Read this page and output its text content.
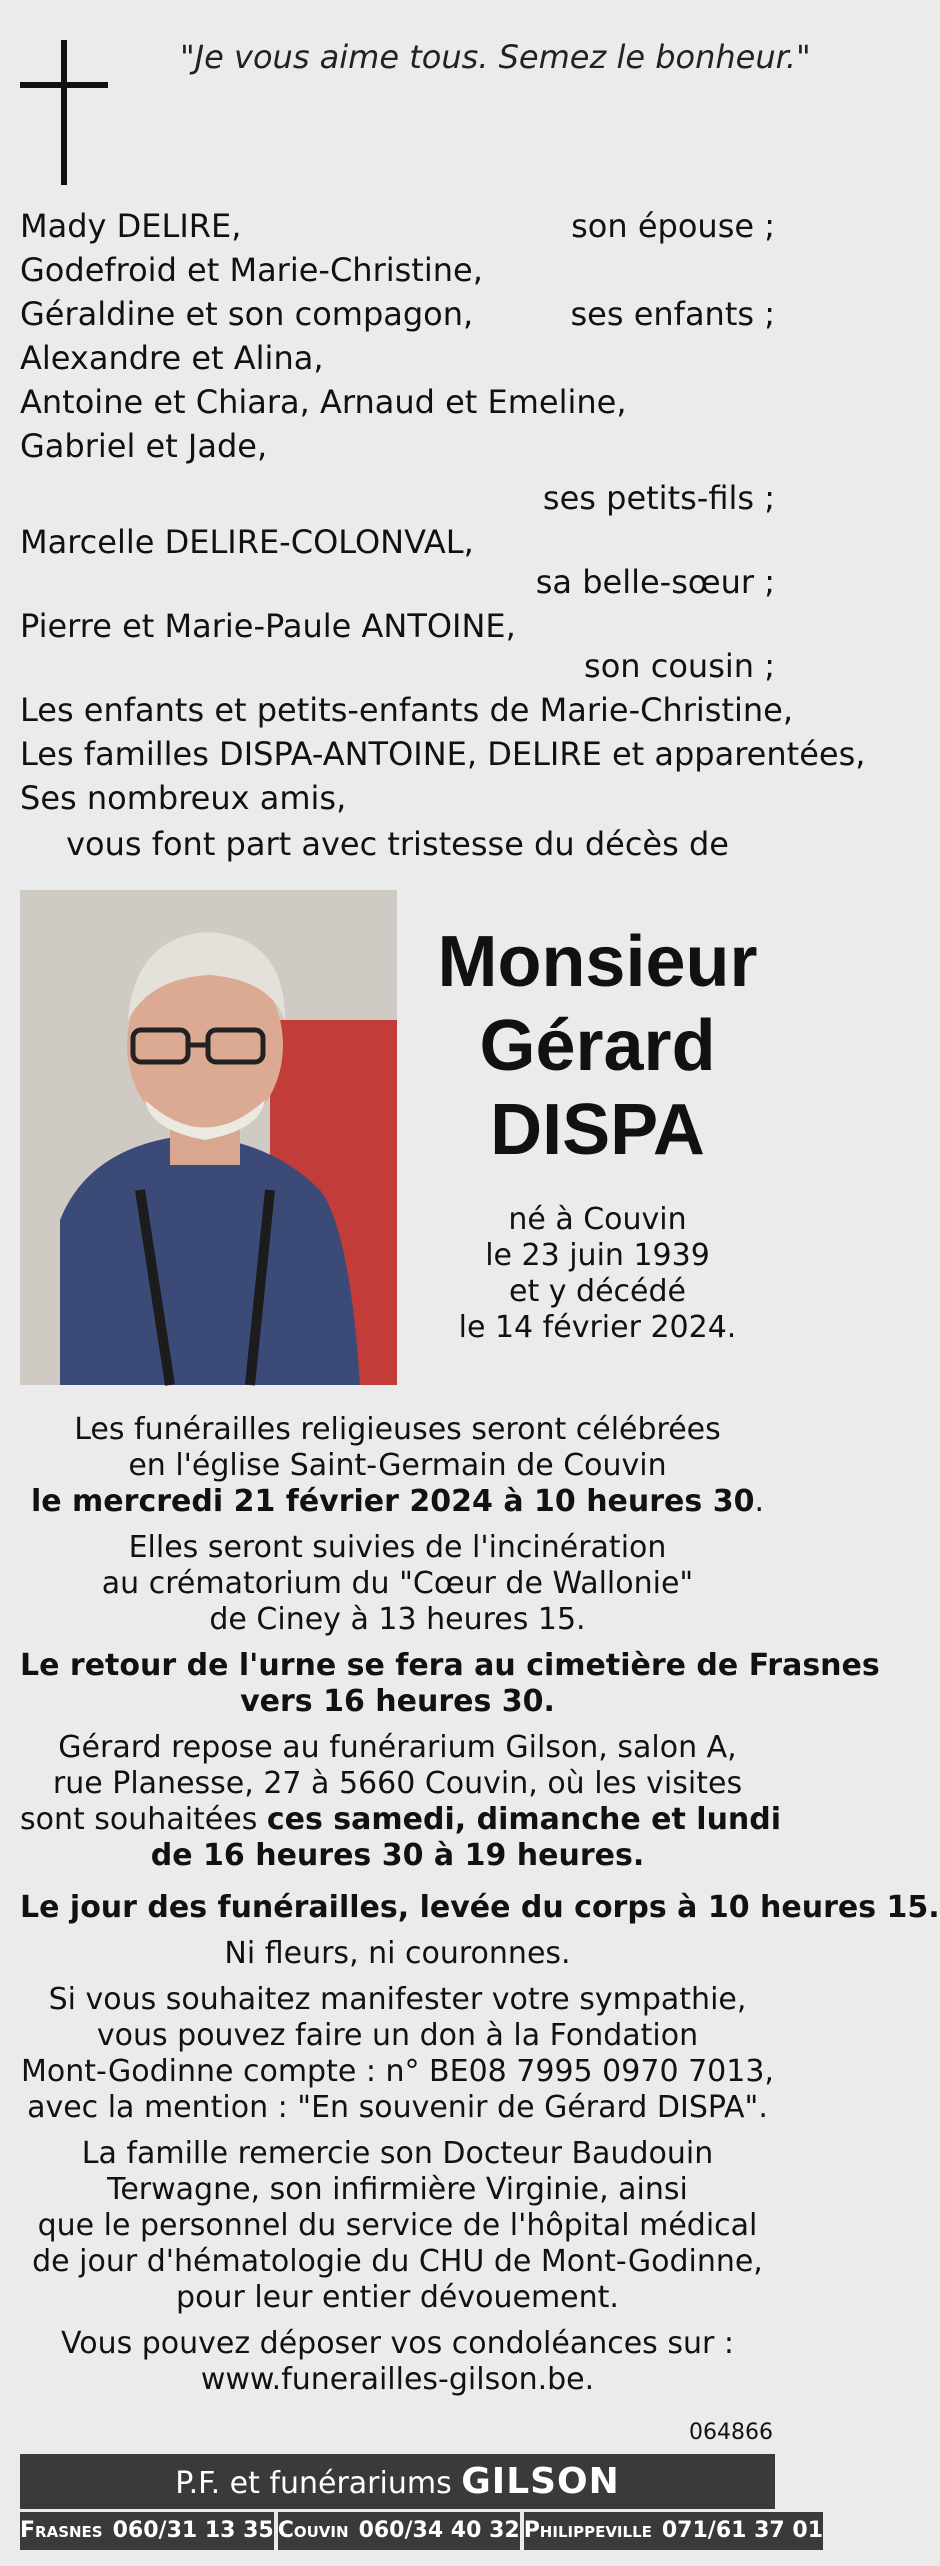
"Je vous aime tous. Semez le bonheur."
Mady DELIRE,	son épouse ;
Godefroid et Marie-Christine,
Géraldine et son compagon,	ses enfants ;
Alexandre et Alina,
Antoine et Chiara, Arnaud et Emeline,
Gabriel et Jade,
ses petits-fils ;
Marcelle DELIRE-COLONVAL,
sa belle-sœur ;
Pierre et Marie-Paule ANTOINE,
son cousin ;
Les enfants et petits-enfants de Marie-Christine,
Les familles DISPA-ANTOINE, DELIRE et apparentées,
Ses nombreux amis,
vous font part avec tristesse du décès de
Monsieur
Gérard
DISPA
né à Couvin
le 23 juin 1939
et y décédé
le 14 février 2024.
Les funérailles religieuses seront célébrées
en l'église Saint-Germain de Couvin
le mercredi 21 février 2024 à 10 heures 30.
Elles seront suivies de l'incinération
au crématorium du "Cœur de Wallonie"
de Ciney à 13 heures 15.
Le retour de l'urne se fera au cimetière de Frasnes
vers 16 heures 30.
Gérard repose au funérarium Gilson, salon A,
rue Planesse, 27 à 5660 Couvin, où les visites
sont souhaitées ces samedi, dimanche et lundi
de 16 heures 30 à 19 heures.
Le jour des funérailles, levée du corps à 10 heures 15.
Ni fleurs, ni couronnes.
Si vous souhaitez manifester votre sympathie,
vous pouvez faire un don à la Fondation
Mont-Godinne compte : n° BE08 7995 0970 7013,
avec la mention : "En souvenir de Gérard DISPA".
La famille remercie son Docteur Baudouin
Terwagne, son infirmière Virginie, ainsi
que le personnel du service de l'hôpital médical
de jour d'hématologie du CHU de Mont-Godinne,
pour leur entier dévouement.
Vous pouvez déposer vos condoléances sur :
www.funerailles-gilson.be.
064866
P.F. et funérariums GILSON
Frasnes 060/31 13 35 Couvin 060/34 40 32 Philippeville 071/61 37 01
